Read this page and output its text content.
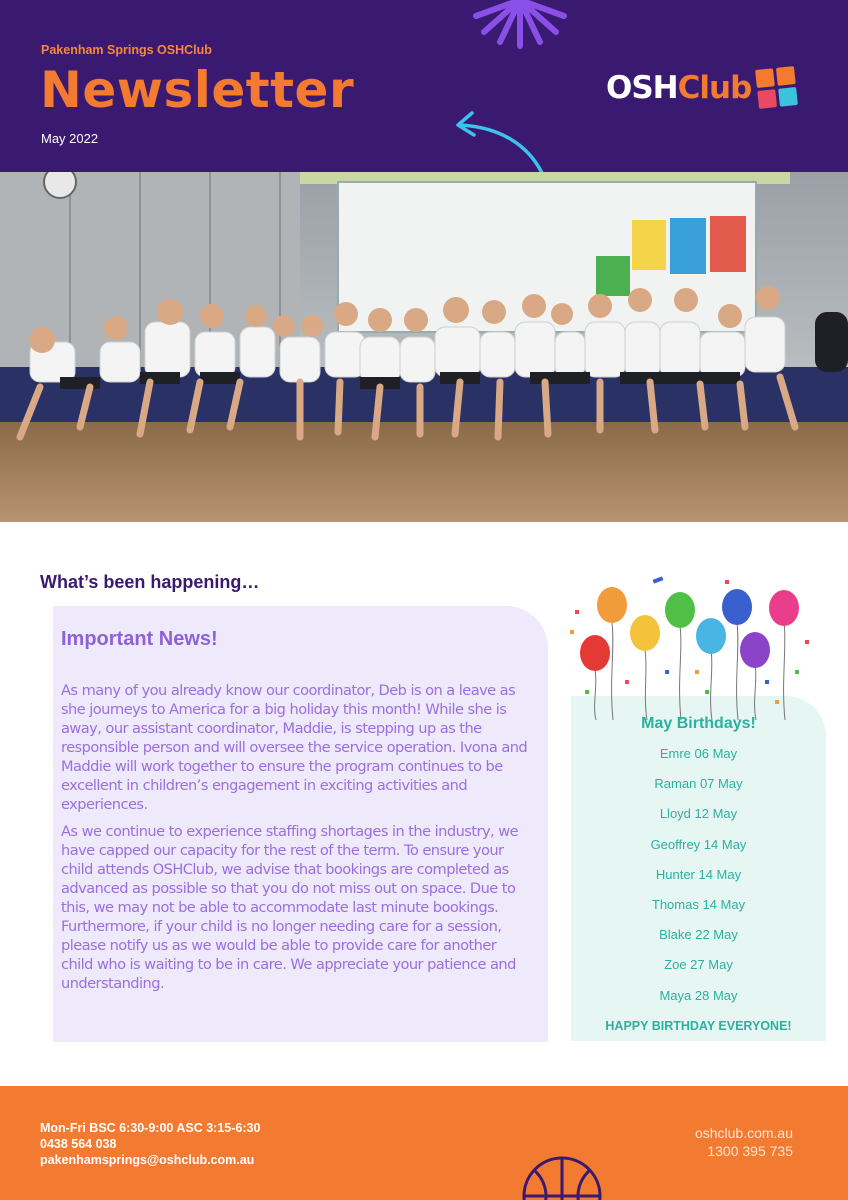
Pakenham Springs OSHClub
Newsletter
May 2022
OSH Club
What’s been happening…
Important News!

As many of you already know our coordinator, Deb is on a leave as she journeys to America for a big holiday this month! While she is away, our assistant coordinator, Maddie, is stepping up as the responsible person and will oversee the service operation. Ivona and Maddie will work together to ensure the program continues to be excellent in children’s engagement in exciting activities and experiences.

As we continue to experience staffing shortages in the industry, we have capped our capacity for the rest of the term. To ensure your child attends OSHClub, we advise that bookings are completed as advanced as possible so that you do not miss out on space. Due to this, we may not be able to accommodate last minute bookings. Furthermore, if your child is no longer needing care for a session, please notify us as we would be able to provide care for another child who is waiting to be in care. We appreciate your patience and understanding.

May Birthdays!
Emre 06 May
Raman 07 May
Lloyd 12 May
Geoffrey 14 May
Hunter 14 May
Thomas 14 May
Blake 22 May
Zoe 27 May
Maya 28 May
HAPPY BIRTHDAY EVERYONE!
Mon-Fri BSC 6:30-9:00 ASC 3:15-6:30
0438 564 038
pakenhamsprings@oshclub.com.au
oshclub.com.au
1300 395 735
